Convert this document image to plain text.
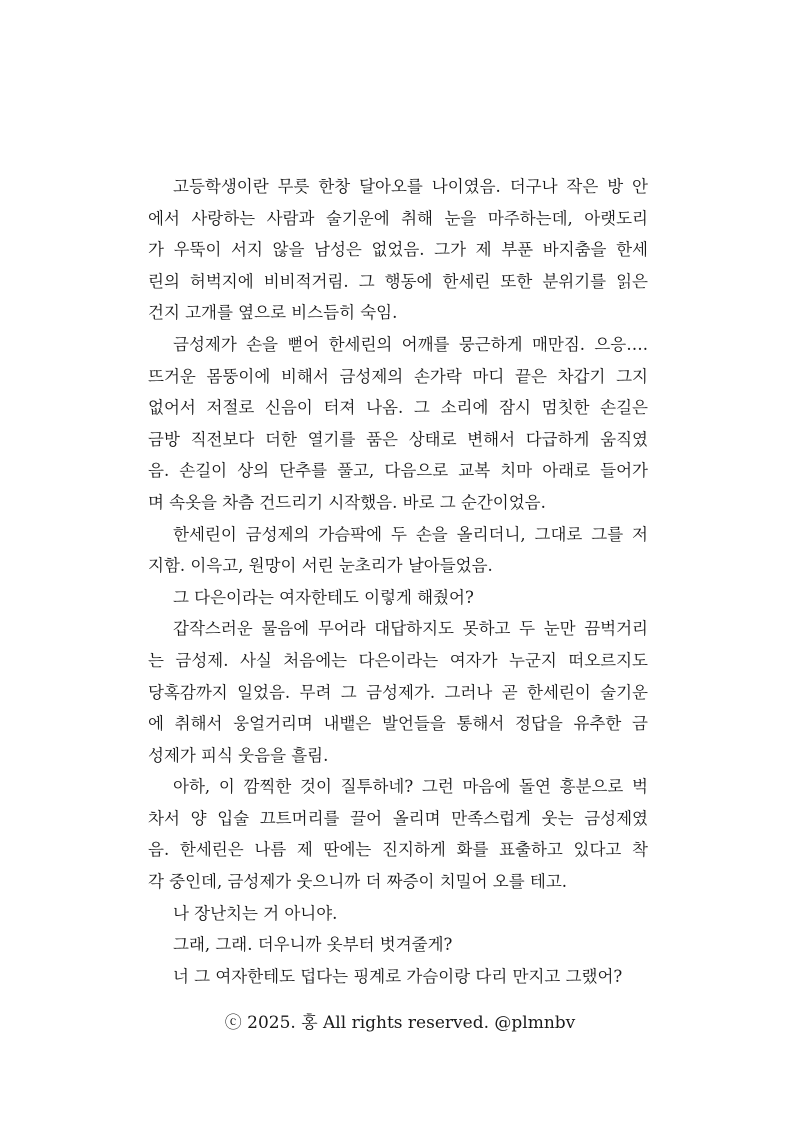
고등학생이란 무릇 한창 달아오를 나이였음. 더구나 작은 방 안
에서 사랑하는 사람과 술기운에 취해 눈을 마주하는데, 아랫도리
가 우뚝이 서지 않을 남성은 없었음. 그가 제 부푼 바지춤을 한세
린의 허벅지에 비비적거림. 그 행동에 한세린 또한 분위기를 읽은
건지 고개를 옆으로 비스듬히 숙임.
금성제가 손을 뻗어 한세린의 어깨를 뭉근하게 매만짐. 으응….
뜨거운 몸뚱이에 비해서 금성제의 손가락 마디 끝은 차갑기 그지
없어서 저절로 신음이 터져 나옴. 그 소리에 잠시 멈칫한 손길은
금방 직전보다 더한 열기를 품은 상태로 변해서 다급하게 움직였
음. 손길이 상의 단추를 풀고, 다음으로 교복 치마 아래로 들어가
며 속옷을 차츰 건드리기 시작했음. 바로 그 순간이었음.
한세린이 금성제의 가슴팍에 두 손을 올리더니, 그대로 그를 저
지함. 이윽고, 원망이 서린 눈초리가 날아들었음.
그 다은이라는 여자한테도 이렇게 해줬어?
갑작스러운 물음에 무어라 대답하지도 못하고 두 눈만 끔벅거리
는 금성제. 사실 처음에는 다은이라는 여자가 누군지 떠오르지도
당혹감까지 일었음. 무려 그 금성제가. 그러나 곧 한세린이 술기운
에 취해서 웅얼거리며 내뱉은 발언들을 통해서 정답을 유추한 금
성제가 피식 웃음을 흘림.
아하, 이 깜찍한 것이 질투하네? 그런 마음에 돌연 흥분으로 벅
차서 양 입술 끄트머리를 끌어 올리며 만족스럽게 웃는 금성제였
음. 한세린은 나름 제 딴에는 진지하게 화를 표출하고 있다고 착
각 중인데, 금성제가 웃으니까 더 짜증이 치밀어 오를 테고.
나 장난치는 거 아니야.
그래, 그래. 더우니까 옷부터 벗겨줄게?
너 그 여자한테도 덥다는 핑계로 가슴이랑 다리 만지고 그랬어?
ⓒ 2025. 홍 All rights reserved. @plmnbv
